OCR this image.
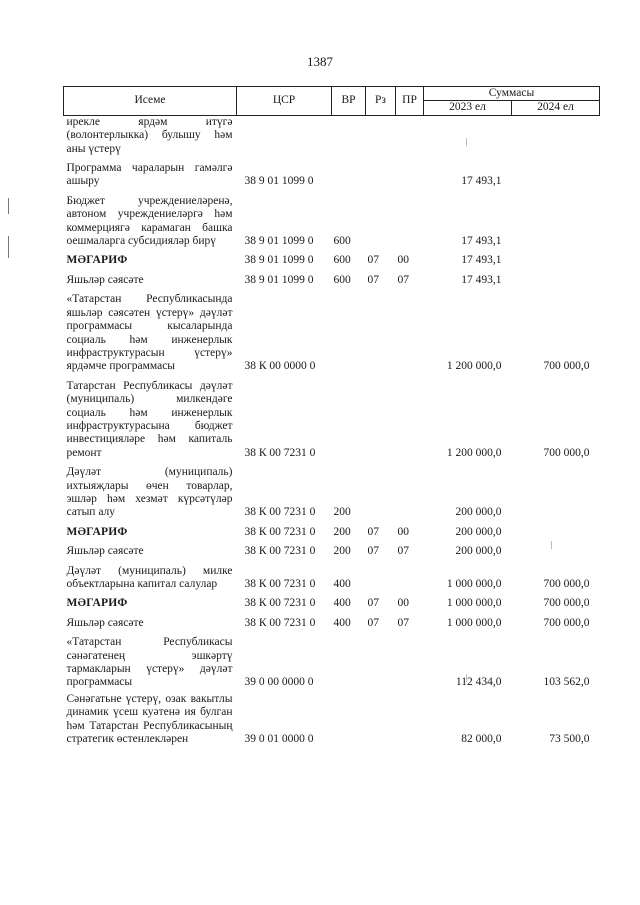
1387
Исеме	ЦСР	ВР	Рз	ПР	Суммасы	
					2023 ел	2024 ел
ирекле ярдәм итүгә (волонтерлыкка) булышу һәм аны үстерү						
Программа чараларын гамәлгә ашыру	38 9 01 1099 0				17 493,1	
Бюджет учреждениеләренә, автоном учреждениеләргә һәм коммерциягә карамаган башка оешмаларга субсидияләр бирү	38 9 01 1099 0	600			17 493,1	
МӘГАРИФ	38 9 01 1099 0	600	07	00	17 493,1	
Яшьләр сәясәте	38 9 01 1099 0	600	07	07	17 493,1	
«Татарстан Республикасында яшьләр сәясәтен үстерү» дәүләт программасы кысаларында социаль һәм инженерлык инфраструктурасын үстерү» ярдәмче программасы	38 К 00 0000 0				1 200 000,0	700 000,0
Татарстан Республикасы дәүләт (муниципаль) милкендәге социаль һәм инженерлык инфраструктурасына бюджет инвестицияләре һәм капиталь ремонт	38 К 00 7231 0				1 200 000,0	700 000,0
Дәүләт (муниципаль) ихтыяҗлары өчен товарлар, эшләр һәм хезмәт күрсәтүләр сатып алу	38 К 00 7231 0	200			200 000,0	
МӘГАРИФ	38 К 00 7231 0	200	07	00	200 000,0	
Яшьләр сәясәте	38 К 00 7231 0	200	07	07	200 000,0	
Дәүләт (муниципаль) милке объектларына капитал салулар	38 К 00 7231 0	400			1 000 000,0	700 000,0
МӘГАРИФ	38 К 00 7231 0	400	07	00	1 000 000,0	700 000,0
Яшьләр сәясәте	38 К 00 7231 0	400	07	07	1 000 000,0	700 000,0
«Татарстан Республикасы сәнәгатенең эшкәртү тармакларын үстерү» дәүләт программасы	39 0 00 0000 0				112 434,0	103 562,0
Сәнәгатьне үстерү, озак вакытлы динамик үсеш куәтенә ия булган һәм Татарстан Республикасының стратегик өстенлекләрен	39 0 01 0000 0				82 000,0	73 500,0
